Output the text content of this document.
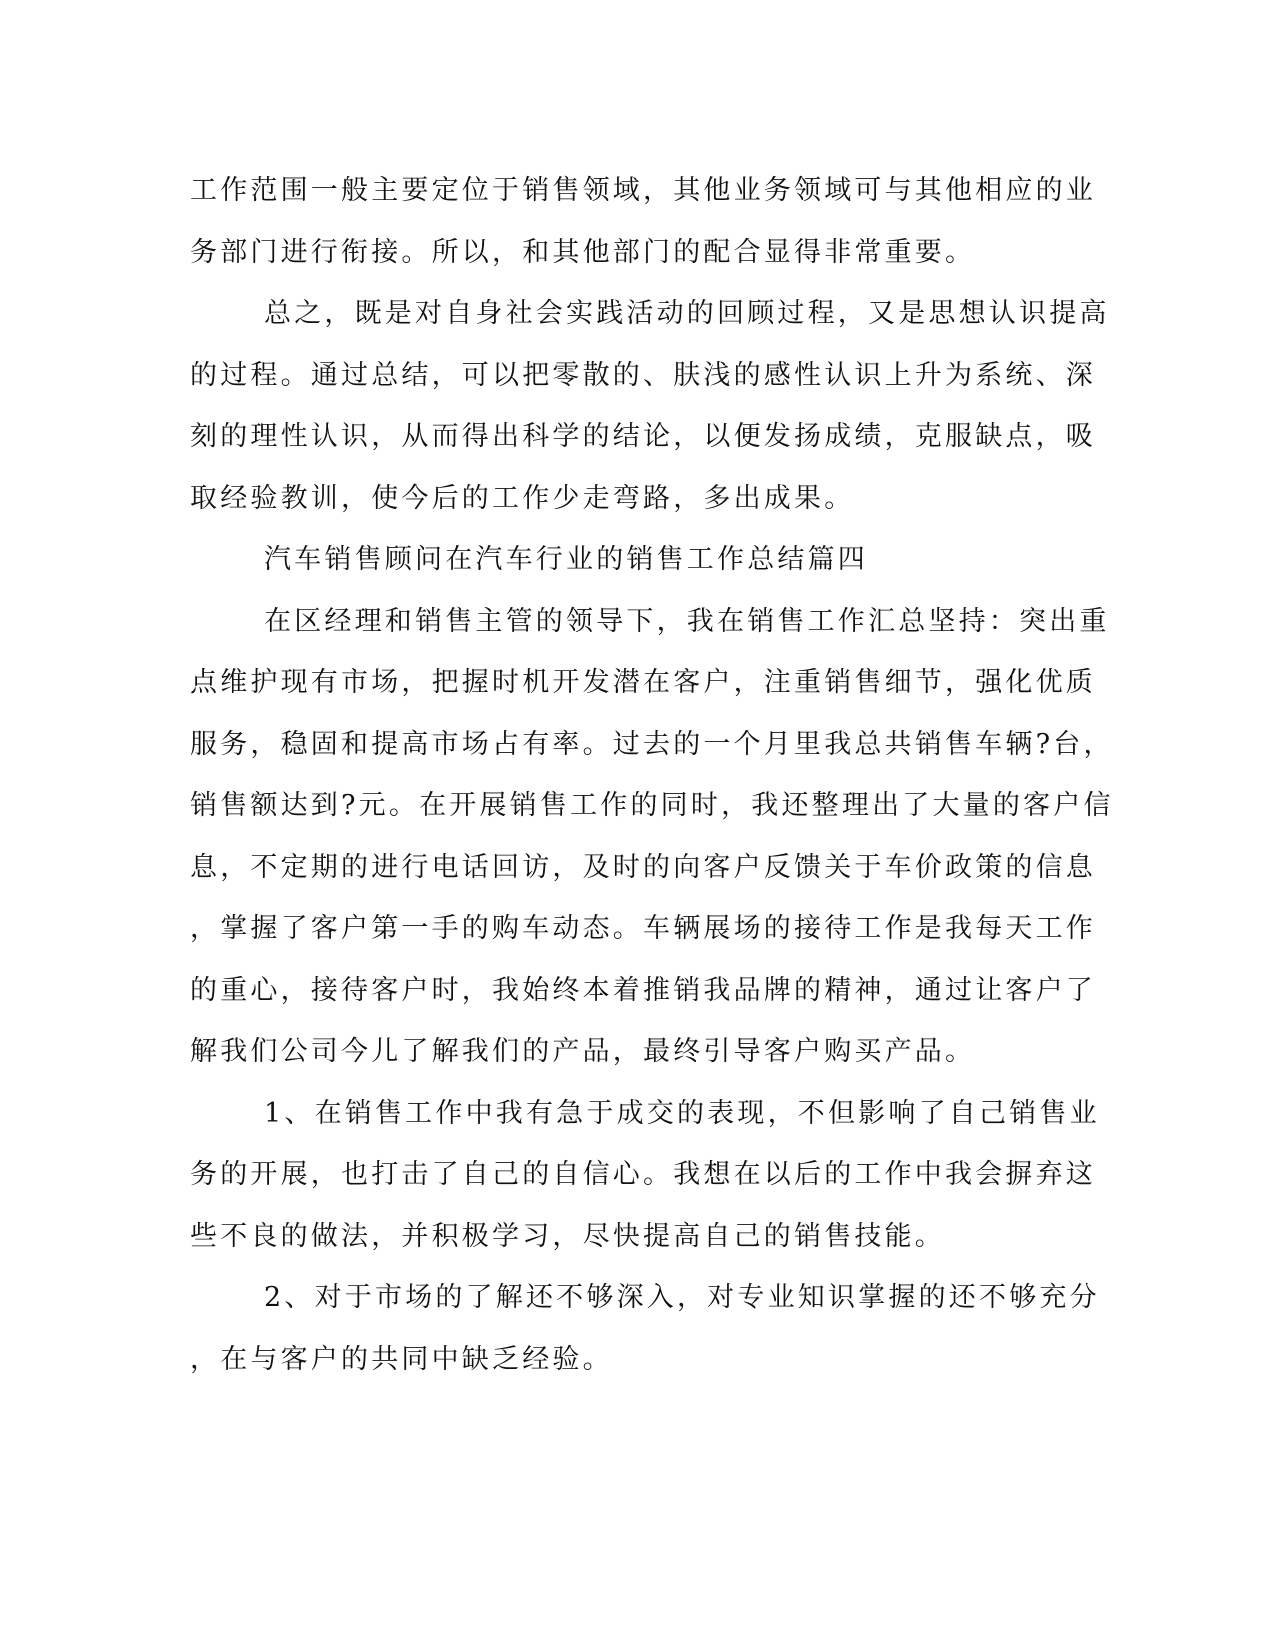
工作范围一般主要定位于销售领域，其他业务领域可与其他相应的业
务部门进行衔接。所以，和其他部门的配合显得非常重要。
总之，既是对自身社会实践活动的回顾过程，又是思想认识提高
的过程。通过总结，可以把零散的、肤浅的感性认识上升为系统、深
刻的理性认识，从而得出科学的结论，以便发扬成绩，克服缺点，吸
取经验教训，使今后的工作少走弯路，多出成果。
汽车销售顾问在汽车行业的销售工作总结篇四
在区经理和销售主管的领导下，我在销售工作汇总坚持：突出重
点维护现有市场，把握时机开发潜在客户，注重销售细节，强化优质
服务，稳固和提高市场占有率。过去的一个月里我总共销售车辆?台，
销售额达到?元。在开展销售工作的同时，我还整理出了大量的客户信
息，不定期的进行电话回访，及时的向客户反馈关于车价政策的信息
，掌握了客户第一手的购车动态。车辆展场的接待工作是我每天工作
的重心，接待客户时，我始终本着推销我品牌的精神，通过让客户了
解我们公司今儿了解我们的产品，最终引导客户购买产品。
1、在销售工作中我有急于成交的表现，不但影响了自己销售业
务的开展，也打击了自己的自信心。我想在以后的工作中我会摒弃这
些不良的做法，并积极学习，尽快提高自己的销售技能。
2、对于市场的了解还不够深入，对专业知识掌握的还不够充分
，在与客户的共同中缺乏经验。
